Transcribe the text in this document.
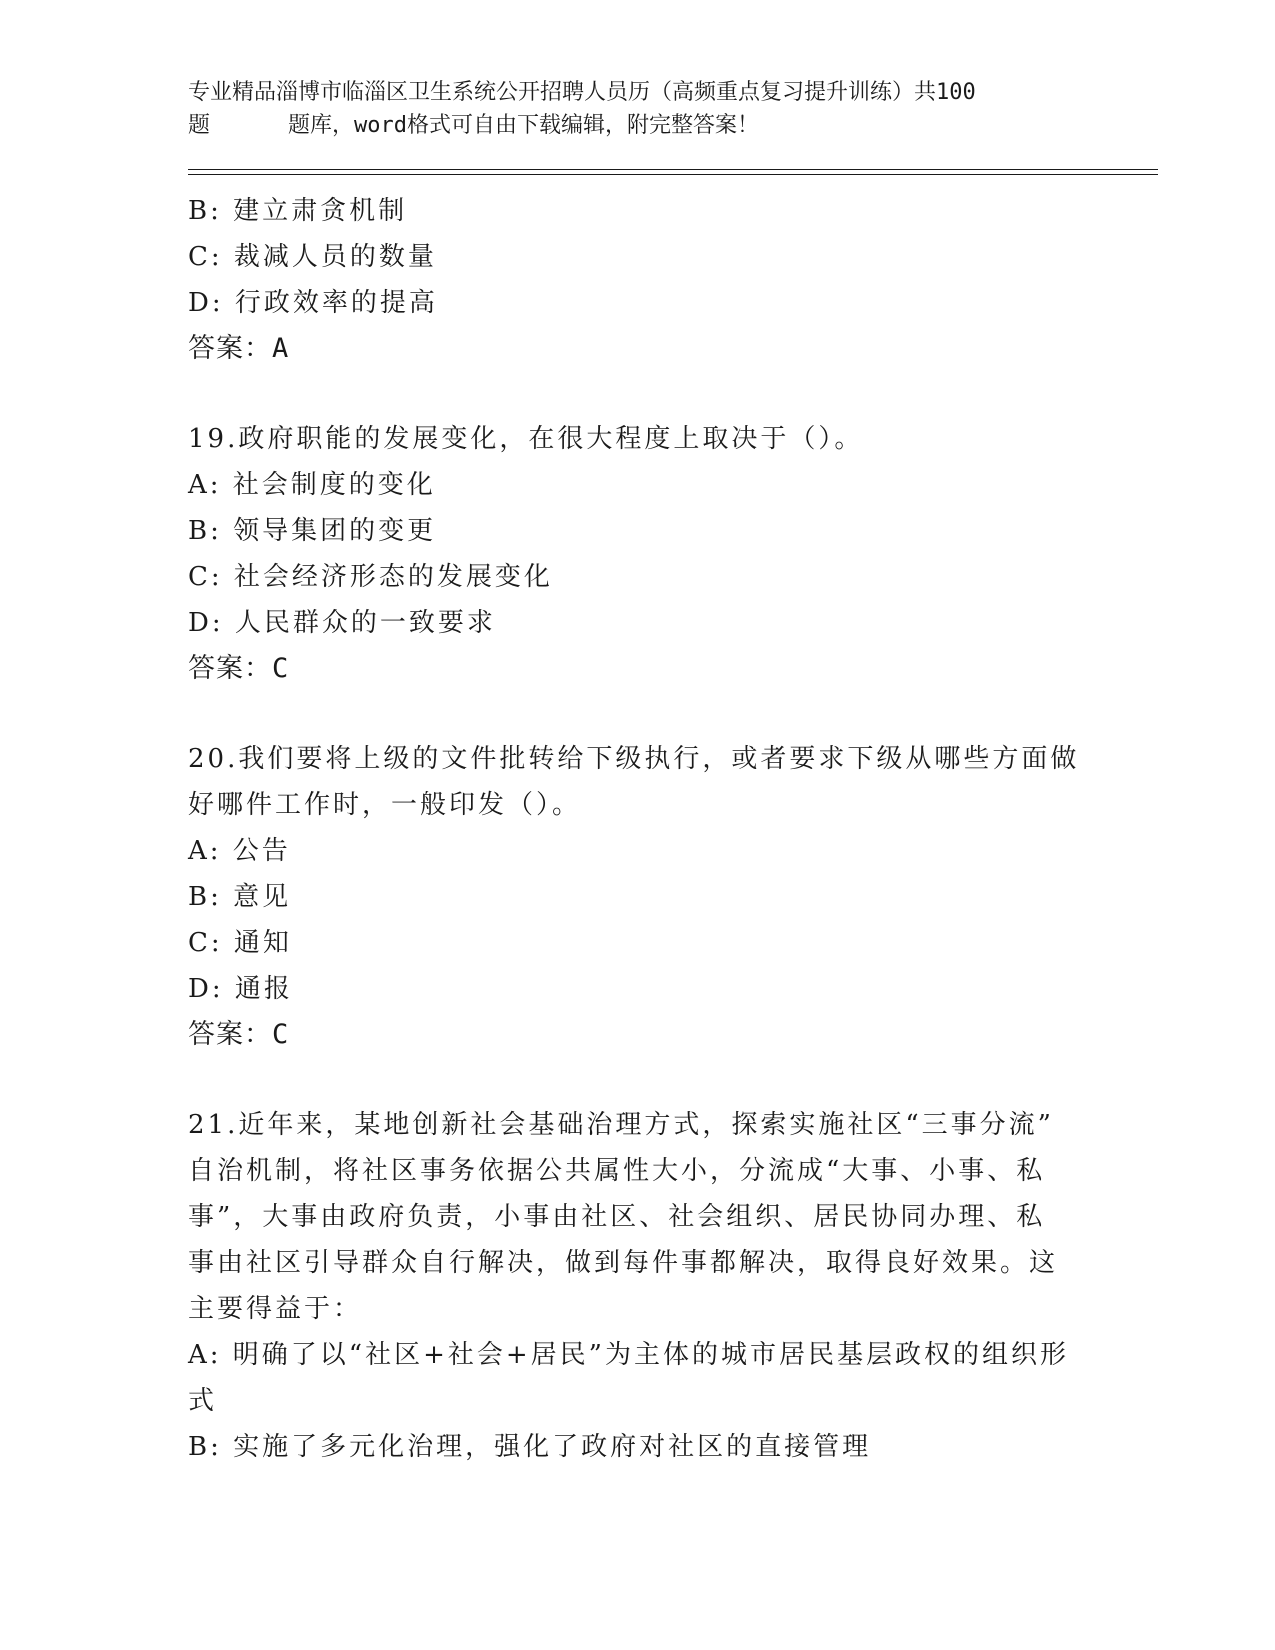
专业精品淄博市临淄区卫生系统公开招聘人员历（高频重点复习提升训练）共100
题	题库，word格式可自由下载编辑，附完整答案！
B: 建立肃贪机制
C: 裁减人员的数量
D: 行政效率的提高
答案：A
19.政府职能的发展变化，在很大程度上取决于（）。
A: 社会制度的变化
B: 领导集团的变更
C: 社会经济形态的发展变化
D: 人民群众的一致要求
答案：C
20.我们要将上级的文件批转给下级执行，或者要求下级从哪些方面做
好哪件工作时，一般印发（）。
A: 公告
B: 意见
C: 通知
D: 通报
答案：C
21.近年来，某地创新社会基础治理方式，探索实施社区“三事分流”
自治机制，将社区事务依据公共属性大小，分流成“大事、小事、私
事”，大事由政府负责，小事由社区、社会组织、居民协同办理、私
事由社区引导群众自行解决，做到每件事都解决，取得良好效果。这
主要得益于：
A: 明确了以“社区+社会+居民”为主体的城市居民基层政权的组织形
式
B: 实施了多元化治理，强化了政府对社区的直接管理
